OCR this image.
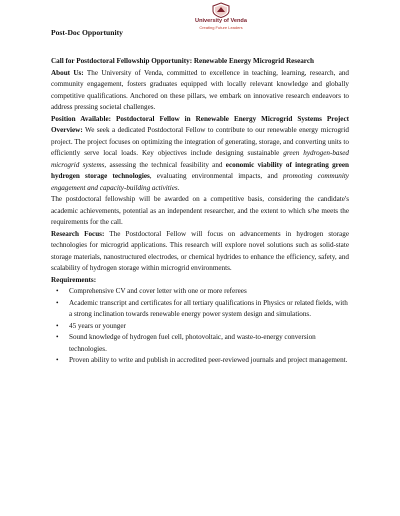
University of Venda
Creating Future Leaders
Post-Doc Opportunity

Call for Postdoctoral Fellowship Opportunity: Renewable Energy Microgrid Research

About Us: The University of Venda, committed to excellence in teaching, learning, research, and community engagement, fosters graduates equipped with locally relevant knowledge and globally competitive qualifications. Anchored on these pillars, we embark on innovative research endeavors to address pressing societal challenges.

Position Available: Postdoctoral Fellow in Renewable Energy Microgrid Systems Project Overview: We seek a dedicated Postdoctoral Fellow to contribute to our renewable energy microgrid project. The project focuses on optimizing the integration of generating, storage, and converting units to efficiently serve local loads. Key objectives include designing sustainable green hydrogen-based microgrid systems, assessing the technical feasibility and economic viability of integrating green hydrogen storage technologies, evaluating environmental impacts, and promoting community engagement and capacity-building activities.

The postdoctoral fellowship will be awarded on a competitive basis, considering the candidate's academic achievements, potential as an independent researcher, and the extent to which s/he meets the requirements for the call.

Research Focus: The Postdoctoral Fellow will focus on advancements in hydrogen storage technologies for microgrid applications. This research will explore novel solutions such as solid-state storage materials, nanostructured electrodes, or chemical hydrides to enhance the efficiency, safety, and scalability of hydrogen storage within microgrid environments.

Requirements:

• Comprehensive CV and cover letter with one or more referees
• Academic transcript and certificates for all tertiary qualifications in Physics or related fields, with a strong inclination towards renewable energy power system design and simulations.
• 45 years or younger
• Sound knowledge of hydrogen fuel cell, photovoltaic, and waste-to-energy conversion technologies.
• Proven ability to write and publish in accredited peer-reviewed journals and project management.
